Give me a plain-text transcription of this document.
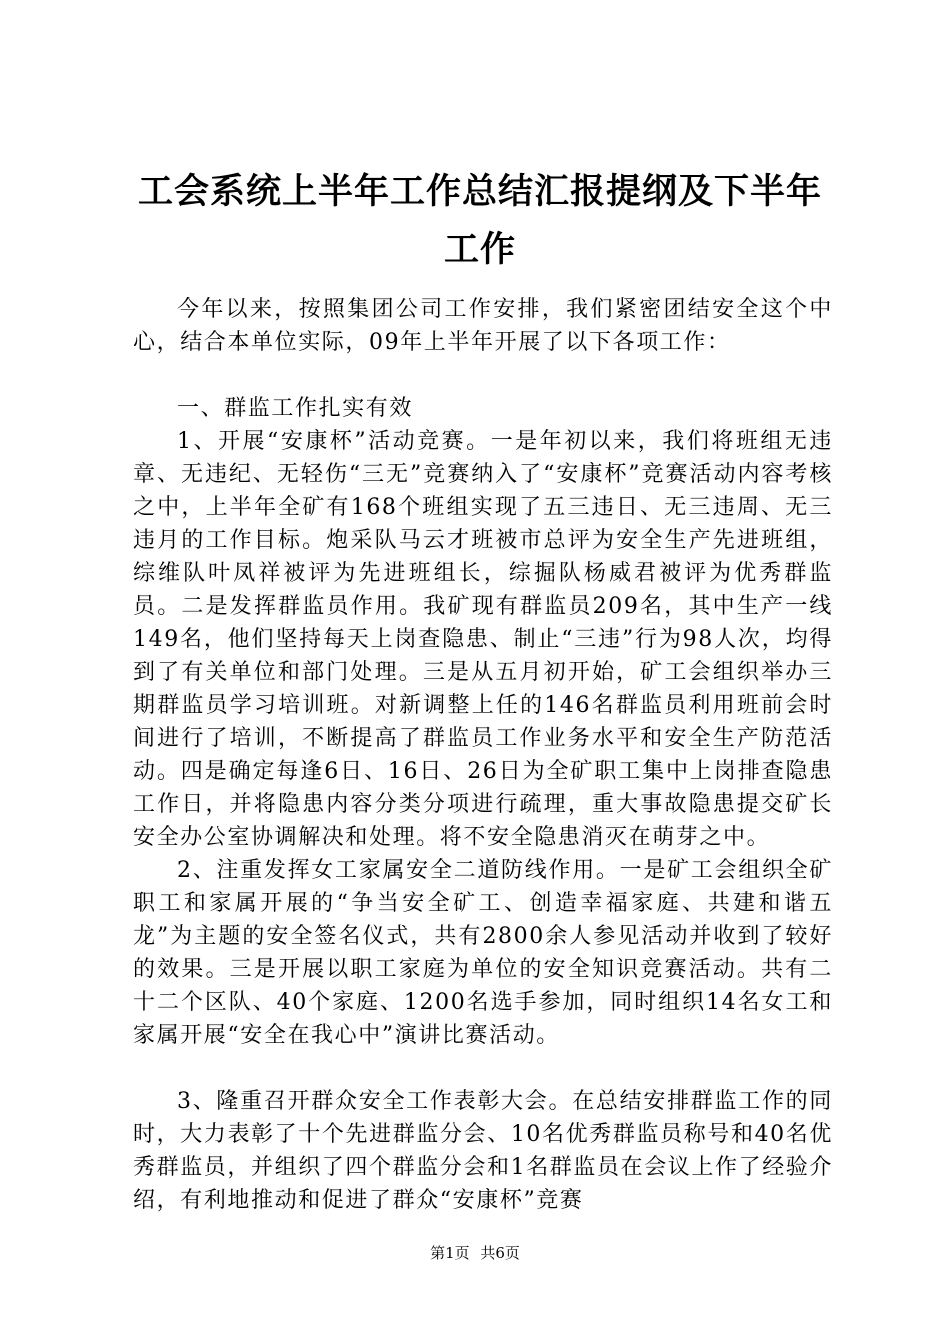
工会系统上半年工作总结汇报提纲及下半年工作

今年以来，按照集团公司工作安排，我们紧密团结安全这个中心，结合本单位实际，09年上半年开展了以下各项工作：

一、群监工作扎实有效

1、开展“安康杯”活动竞赛。一是年初以来，我们将班组无违章、无违纪、无轻伤“三无”竞赛纳入了“安康杯”竞赛活动内容考核之中，上半年全矿有168个班组实现了五三违日、无三违周、无三违月的工作目标。炮采队马云才班被市总评为安全生产先进班组，综维队叶凤祥被评为先进班组长，综掘队杨威君被评为优秀群监员。二是发挥群监员作用。我矿现有群监员209名，其中生产一线149名，他们坚持每天上岗查隐患、制止“三违”行为98人次，均得到了有关单位和部门处理。三是从五月初开始，矿工会组织举办三期群监员学习培训班。对新调整上任的146名群监员利用班前会时间进行了培训，不断提高了群监员工作业务水平和安全生产防范活动。四是确定每逢6日、16日、26日为全矿职工集中上岗排查隐患工作日，并将隐患内容分类分项进行疏理，重大事故隐患提交矿长安全办公室协调解决和处理。将不安全隐患消灭在萌芽之中。

2、注重发挥女工家属安全二道防线作用。一是矿工会组织全矿职工和家属开展的“争当安全矿工、创造幸福家庭、共建和谐五龙”为主题的安全签名仪式，共有2800余人参见活动并收到了较好的效果。三是开展以职工家庭为单位的安全知识竞赛活动。共有二十二个区队、40个家庭、1200名选手参加，同时组织14名女工和家属开展“安全在我心中”演讲比赛活动。

3、隆重召开群众安全工作表彰大会。在总结安排群监工作的同时，大力表彰了十个先进群监分会、10名优秀群监员称号和40名优秀群监员，并组织了四个群监分会和1名群监员在会议上作了经验介绍，有利地推动和促进了群众“安康杯”竞赛

第1页 共6页
